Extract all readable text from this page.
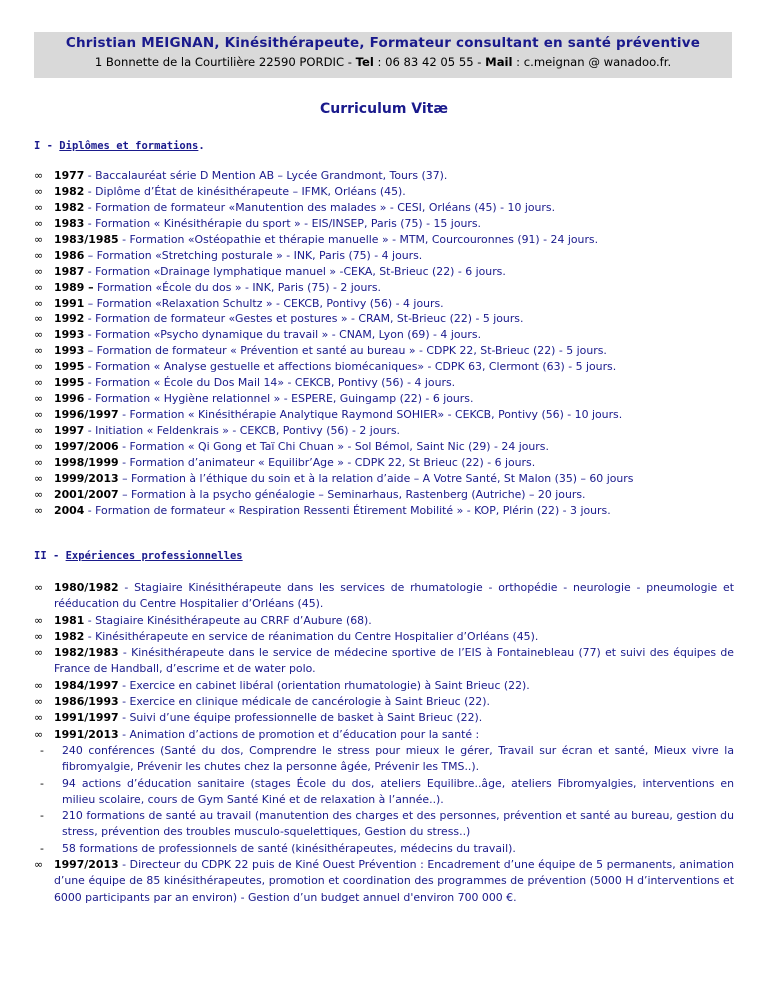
Christian MEIGNAN, Kinésithérapeute, Formateur consultant en santé préventive
1 Bonnette de la Courtilière 22590 PORDIC - Tel : 06 83 42 05 55 - Mail : c.meignan @ wanadoo.fr.
Curriculum Vitæ
I - Diplômes et formations.
∞ 1977 - Baccalauréat série D Mention AB – Lycée Grandmont, Tours (37).
∞ 1982 - Diplôme d’État de kinésithérapeute – IFMK, Orléans (45).
∞ 1982 - Formation de formateur «Manutention des malades » - CESI, Orléans (45) - 10 jours.
∞ 1983 - Formation « Kinésithérapie du sport » - EIS/INSEP, Paris (75) - 15 jours.
∞ 1983/1985 - Formation «Ostéopathie et thérapie manuelle » - MTM, Courcouronnes (91) - 24 jours.
∞ 1986 – Formation «Stretching posturale » - INK, Paris (75) - 4 jours.
∞ 1987 - Formation «Drainage lymphatique manuel » -CEKA, St-Brieuc (22) - 6 jours.
∞ 1989 – Formation «École du dos » - INK, Paris (75) - 2 jours.
∞ 1991 – Formation «Relaxation Schultz » - CEKCB, Pontivy (56) - 4 jours.
∞ 1992 - Formation de formateur «Gestes et postures » - CRAM, St-Brieuc (22) - 5 jours.
∞ 1993 - Formation «Psycho dynamique du travail » - CNAM, Lyon (69) - 4 jours.
∞ 1993 – Formation de formateur « Prévention et santé au bureau » - CDPK 22, St-Brieuc (22) - 5 jours.
∞ 1995 - Formation « Analyse gestuelle et affections biomécaniques» - CDPK 63, Clermont (63) - 5 jours.
∞ 1995 - Formation « École du Dos Mail 14» - CEKCB, Pontivy (56) - 4 jours.
∞ 1996 - Formation « Hygiène relationnel » - ESPERE, Guingamp (22) - 6 jours.
∞ 1996/1997 - Formation « Kinésithérapie Analytique Raymond SOHIER» - CEKCB, Pontivy (56) - 10 jours.
∞ 1997 - Initiation « Feldenkrais » - CEKCB, Pontivy (56) - 2 jours.
∞ 1997/2006 - Formation « Qi Gong et Taï Chi Chuan » - Sol Bémol, Saint Nic (29) - 24 jours.
∞ 1998/1999 - Formation d’animateur « Equilibr’Age » - CDPK 22, St Brieuc (22) - 6 jours.
∞ 1999/2013 – Formation à l’éthique du soin et à la relation d’aide – A Votre Santé, St Malon (35) – 60 jours
∞ 2001/2007 – Formation à la psycho généalogie – Seminarhaus, Rastenberg (Autriche) – 20 jours.
∞ 2004 - Formation de formateur « Respiration Ressenti Étirement Mobilité » - KOP, Plérin (22) - 3 jours.
II - Expériences professionnelles
∞ 1980/1982 - Stagiaire Kinésithérapeute dans les services de rhumatologie - orthopédie - neurologie - pneumologie et rééducation du Centre Hospitalier d’Orléans (45).
∞ 1981 - Stagiaire Kinésithérapeute au CRRF d’Aubure (68).
∞ 1982 - Kinésithérapeute en service de réanimation du Centre Hospitalier d’Orléans (45).
∞ 1982/1983 - Kinésithérapeute dans le service de médecine sportive de l’EIS à Fontainebleau (77) et suivi des équipes de France de Handball, d’escrime et de water polo.
∞ 1984/1997 - Exercice en cabinet libéral (orientation rhumatologie) à Saint Brieuc (22).
∞ 1986/1993 - Exercice en clinique médicale de cancérologie à Saint Brieuc (22).
∞ 1991/1997 - Suivi d’une équipe professionnelle de basket à Saint Brieuc (22).
∞ 1991/2013 - Animation d’actions de promotion et d’éducation pour la santé :
- 240 conférences (Santé du dos, Comprendre le stress pour mieux le gérer, Travail sur écran et santé, Mieux vivre la fibromyalgie, Prévenir les chutes chez la personne âgée, Prévenir les TMS..).
- 94 actions d’éducation sanitaire (stages École du dos, ateliers Equilibre..âge, ateliers Fibromyalgies, interventions en milieu scolaire, cours de Gym Santé Kiné et de relaxation à l’année..).
- 210 formations de santé au travail (manutention des charges et des personnes, prévention et santé au bureau, gestion du stress, prévention des troubles musculo-squelettiques, Gestion du stress..)
- 58 formations de professionnels de santé (kinésithérapeutes, médecins du travail).
∞ 1997/2013 - Directeur du CDPK 22 puis de Kiné Ouest Prévention : Encadrement d’une équipe de 5 permanents, animation d’une équipe de 85 kinésithérapeutes, promotion et coordination des programmes de prévention (5000 H d’interventions et 6000 participants par an environ) - Gestion d’un budget annuel d'environ 700 000 €.
